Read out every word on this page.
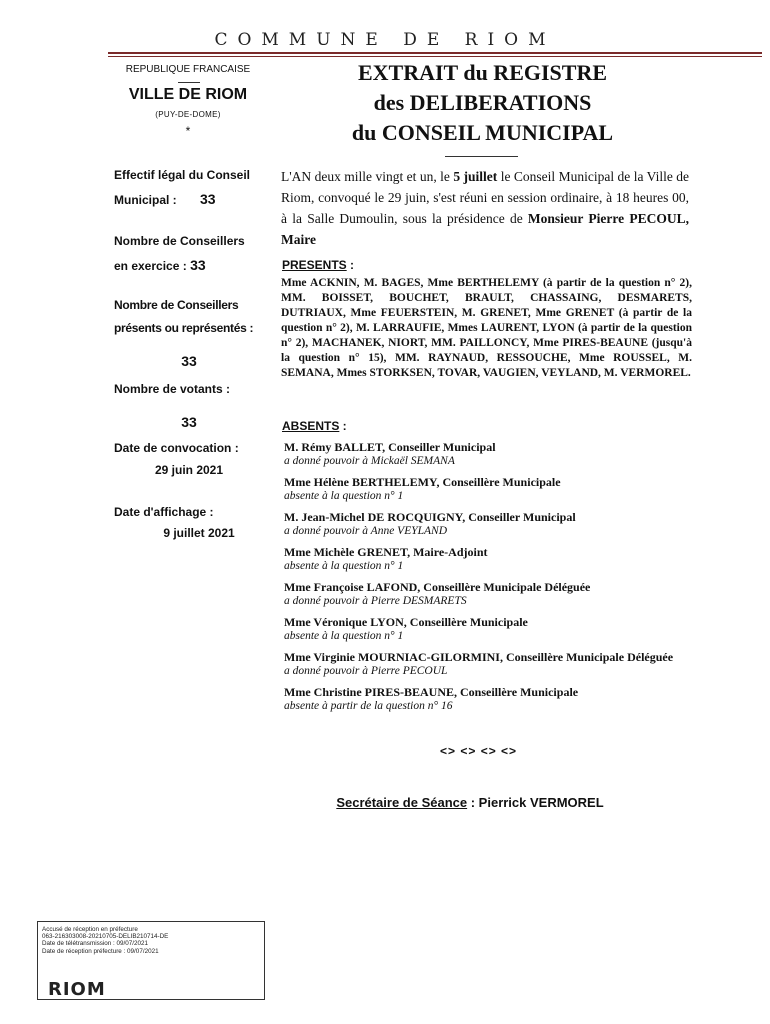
COMMUNE DE RIOM
REPUBLIQUE FRANCAISE
VILLE DE RIOM
(PUY-DE-DOME)
*
EXTRAIT du REGISTRE
des DELIBERATIONS
du CONSEIL MUNICIPAL
Effectif légal du Conseil
Municipal : 33
Nombre de Conseillers
en exercice : 33
Nombre de Conseillers
présents ou représentés :
33
Nombre de votants :
33
Date de convocation :
29 juin 2021
Date d'affichage :
9 juillet 2021
L'AN deux mille vingt et un, le 5 juillet le Conseil Municipal de la Ville de Riom, convoqué le 29 juin, s'est réuni en session ordinaire, à 18 heures 00, à la Salle Dumoulin, sous la présidence de Monsieur Pierre PECOUL, Maire
PRESENTS :
Mme ACKNIN, M. BAGES, Mme BERTHELEMY (à partir de la question n° 2), MM. BOISSET, BOUCHET, BRAULT, CHASSAING, DESMARETS, DUTRIAUX, Mme FEUERSTEIN, M. GRENET, Mme GRENET (à partir de la question n° 2), M. LARRAUFIE, Mmes LAURENT, LYON (à partir de la question n° 2), MACHANEK, NIORT, MM. PAILLONCY, Mme PIRES-BEAUNE (jusqu'à la question n° 15), MM. RAYNAUD, RESSOUCHE, Mme ROUSSEL, M. SEMANA, Mmes STORKSEN, TOVAR, VAUGIEN, VEYLAND, M. VERMOREL.
ABSENTS :
M. Rémy BALLET, Conseiller Municipal
a donné pouvoir à Mickaël SEMANA
Mme Hélène BERTHELEMY, Conseillère Municipale
absente à la question n° 1
M. Jean-Michel DE ROCQUIGNY, Conseiller Municipal
a donné pouvoir à Anne VEYLAND
Mme Michèle GRENET, Maire-Adjoint
absente à la question n° 1
Mme Françoise LAFOND, Conseillère Municipale Déléguée
a donné pouvoir à Pierre DESMARETS
Mme Véronique LYON, Conseillère Municipale
absente à la question n° 1
Mme Virginie MOURNIAC-GILORMINI, Conseillère Municipale Déléguée
a donné pouvoir à Pierre PECOUL
Mme Christine PIRES-BEAUNE, Conseillère Municipale
absente à partir de la question n° 16
<> <> <> <>
Secrétaire de Séance : Pierrick VERMOREL
Accusé de réception en préfecture
063-216303008-20210705-DELIB210714-DE
Date de télétransmission : 09/07/2021
Date de réception préfecture : 09/07/2021
RIOM
